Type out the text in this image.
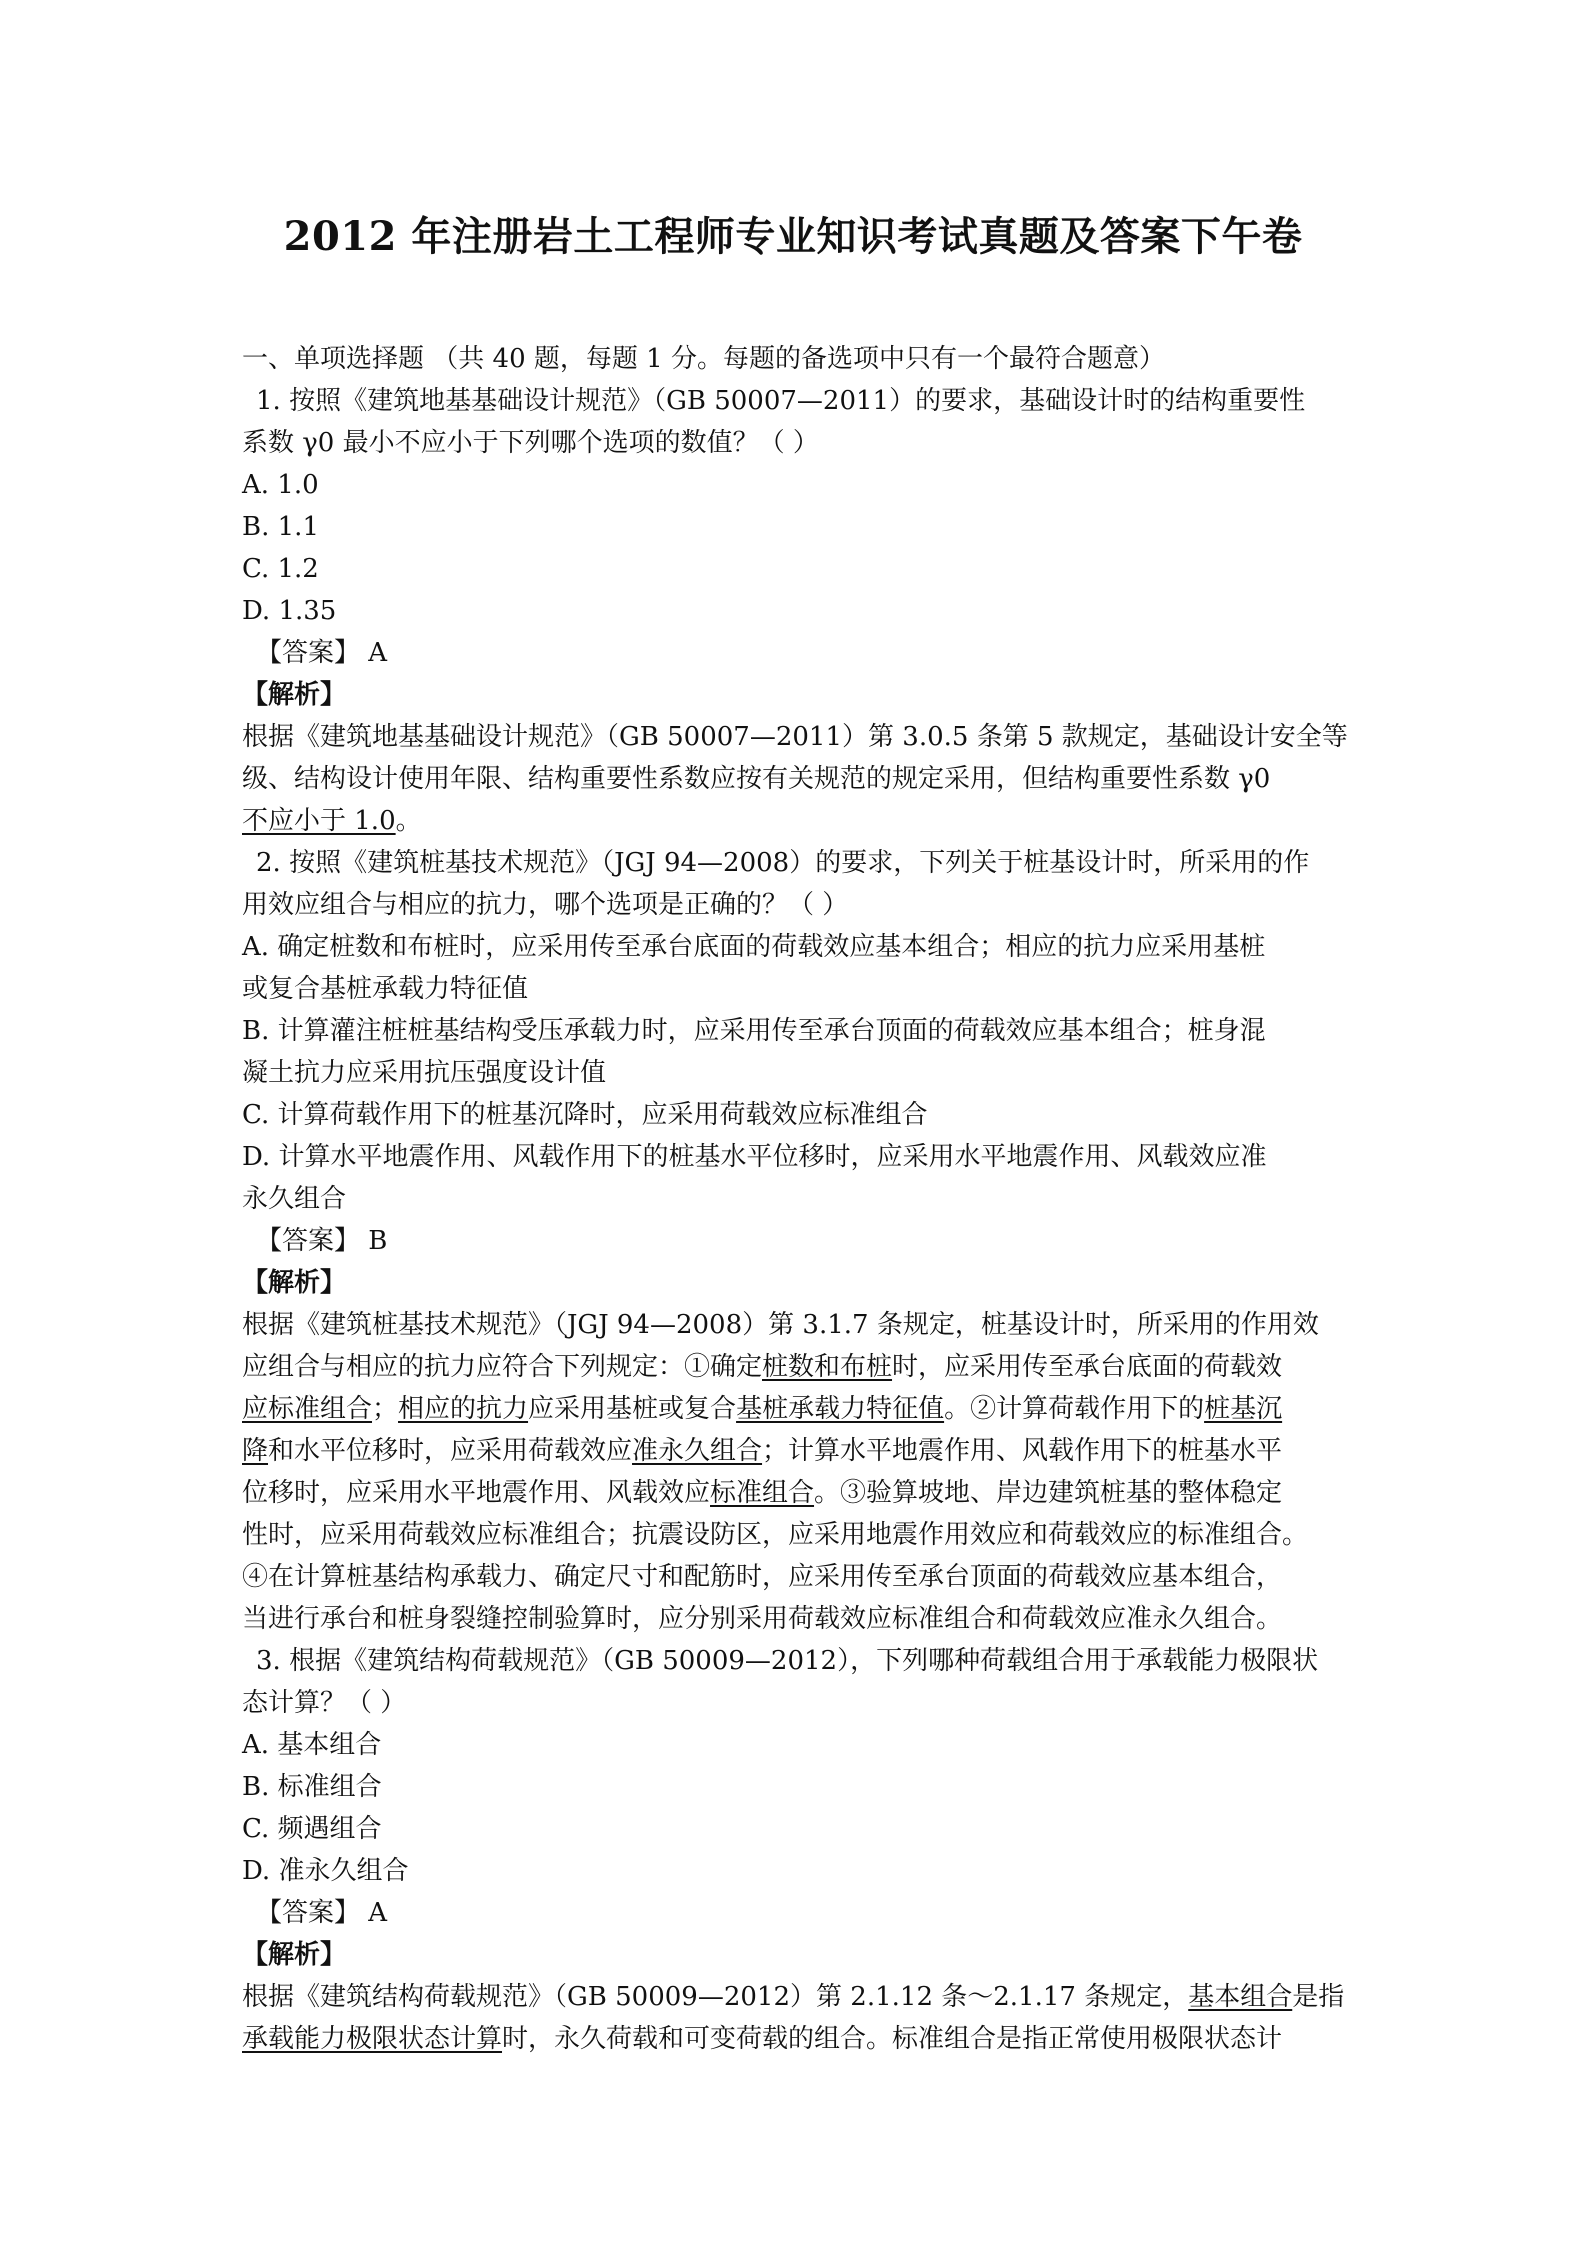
2012 年注册岩土工程师专业知识考试真题及答案下午卷
一、单项选择题 （共 40 题，每题 1 分。每题的备选项中只有一个最符合题意）
1. 按照《建筑地基基础设计规范》（GB 50007—2011）的要求，基础设计时的结构重要性
系数 γ0 最小不应小于下列哪个选项的数值？（ ）
A. 1.0
B. 1.1
C. 1.2
D. 1.35
【答案】 A
【解析】
根据《建筑地基基础设计规范》（GB 50007—2011）第 3.0.5 条第 5 款规定，基础设计安全等
级、结构设计使用年限、结构重要性系数应按有关规范的规定采用，但结构重要性系数 γ0
不应小于 1.0。
2. 按照《建筑桩基技术规范》（JGJ 94—2008）的要求，下列关于桩基设计时，所采用的作
用效应组合与相应的抗力，哪个选项是正确的？（ ）
A. 确定桩数和布桩时，应采用传至承台底面的荷载效应基本组合；相应的抗力应采用基桩
或复合基桩承载力特征值
B. 计算灌注桩桩基结构受压承载力时，应采用传至承台顶面的荷载效应基本组合；桩身混
凝土抗力应采用抗压强度设计值
C. 计算荷载作用下的桩基沉降时，应采用荷载效应标准组合
D. 计算水平地震作用、风载作用下的桩基水平位移时，应采用水平地震作用、风载效应准
永久组合
【答案】 B
【解析】
根据《建筑桩基技术规范》（JGJ 94—2008）第 3.1.7 条规定，桩基设计时，所采用的作用效
应组合与相应的抗力应符合下列规定：①确定桩数和布桩时，应采用传至承台底面的荷载效
应标准组合；相应的抗力应采用基桩或复合基桩承载力特征值。②计算荷载作用下的桩基沉
降和水平位移时，应采用荷载效应准永久组合；计算水平地震作用、风载作用下的桩基水平
位移时，应采用水平地震作用、风载效应标准组合。③验算坡地、岸边建筑桩基的整体稳定
性时，应采用荷载效应标准组合；抗震设防区，应采用地震作用效应和荷载效应的标准组合。
④在计算桩基结构承载力、确定尺寸和配筋时，应采用传至承台顶面的荷载效应基本组合，
当进行承台和桩身裂缝控制验算时，应分别采用荷载效应标准组合和荷载效应准永久组合。
3. 根据《建筑结构荷载规范》（GB 50009—2012），下列哪种荷载组合用于承载能力极限状
态计算？（ ）
A. 基本组合
B. 标准组合
C. 频遇组合
D. 准永久组合
【答案】 A
【解析】
根据《建筑结构荷载规范》（GB 50009—2012）第 2.1.12 条～2.1.17 条规定，基本组合是指
承载能力极限状态计算时，永久荷载和可变荷载的组合。标准组合是指正常使用极限状态计
